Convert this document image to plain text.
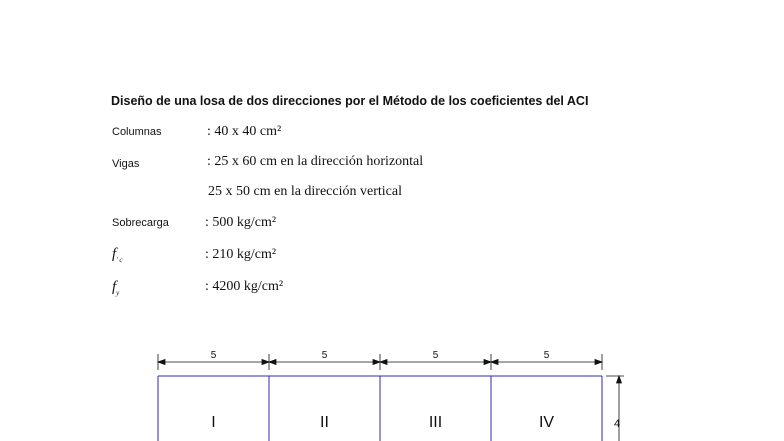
Diseño de una losa de dos direcciones por el Método de los coeficientes del ACI
Columnas	: 40 x 40 cm²
Vigas	: 25 x 60 cm en la dirección horizontal
25 x 50 cm en la dirección vertical
Sobrecarga	: 500 kg/cm²
$f_{' c}$	: 210 kg/cm²
$f_y$	: 4200 kg/cm²
5	5	5	5
4
I	II	III	IV
